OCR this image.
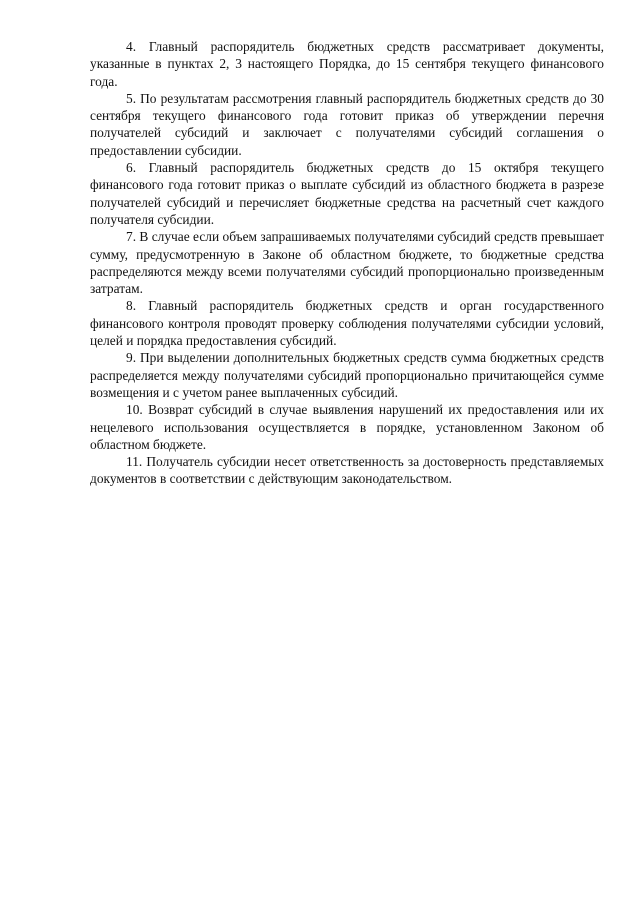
4. Главный распорядитель бюджетных средств рассматривает документы, указанные в пунктах 2, 3 настоящего Порядка, до 15 сентября текущего финансового года.

5. По результатам рассмотрения главный распорядитель бюджетных средств до 30 сентября текущего финансового года готовит приказ об утверждении перечня получателей субсидий и заключает с получателями субсидий соглашения о предоставлении субсидии.

6. Главный распорядитель бюджетных средств до 15 октября текущего финансового года готовит приказ о выплате субсидий из областного бюджета в разрезе получателей субсидий и перечисляет бюджетные средства на расчетный счет каждого получателя субсидии.

7. В случае если объем запрашиваемых получателями субсидий средств превышает сумму, предусмотренную в Законе об областном бюджете, то бюджетные средства распределяются между всеми получателями субсидий пропорционально произведенным затратам.

8. Главный распорядитель бюджетных средств и орган государственного финансового контроля проводят проверку соблюдения получателями субсидии условий, целей и порядка предоставления субсидий.

9. При выделении дополнительных бюджетных средств сумма бюджетных средств распределяется между получателями субсидий пропорционально причитающейся сумме возмещения и с учетом ранее выплаченных субсидий.

10. Возврат субсидий в случае выявления нарушений их предоставления или их нецелевого использования осуществляется в порядке, установленном Законом об областном бюджете.

11. Получатель субсидии несет ответственность за достоверность представляемых документов в соответствии с действующим законодательством.
